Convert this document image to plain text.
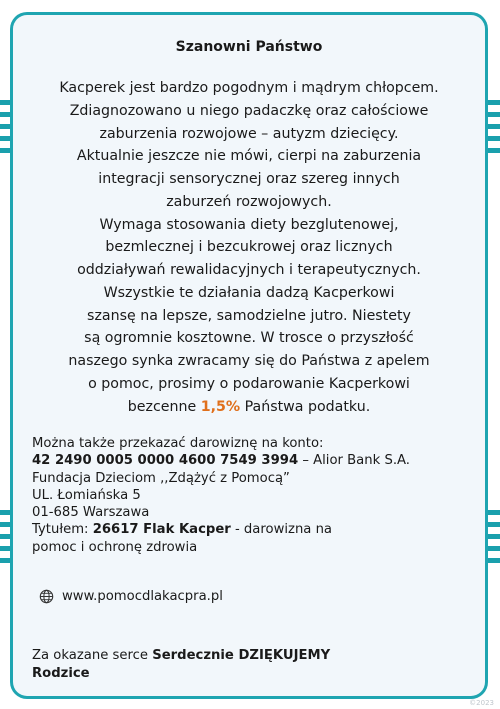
Szanowni Państwo

Kacperek jest bardzo pogodnym i mądrym chłopcem.

Zdiagnozowano u niego padaczkę oraz całościowe

zaburzenia rozwojowe – autyzm dziecięcy.

Aktualnie jeszcze nie mówi, cierpi na zaburzenia

integracji sensorycznej oraz szereg innych

zaburzeń rozwojowych.

Wymaga stosowania diety bezglutenowej,

bezmlecznej i bezcukrowej oraz licznych

oddziaływań rewalidacyjnych i terapeutycznych.

Wszystkie te działania dadzą Kacperkowi

szansę na lepsze, samodzielne jutro. Niestety

są ogromnie kosztowne. W trosce o przyszłość

naszego synka zwracamy się do Państwa z apelem

o pomoc, prosimy o podarowanie Kacperkowi

bezcenne 1,5% Państwa podatku.

Można także przekazać darowiznę na konto:

42 2490 0005 0000 4600 7549 3994 – Alior Bank S.A.

Fundacja Dzieciom ,,Zdążyć z Pomocą”

UL. Łomiańska 5

01-685 Warszawa

Tytułem: 26617 Flak Kacper - darowizna na

pomoc i ochronę zdrowia

www.pomocdlakacpra.pl

Za okazane serce Serdecznie DZIĘKUJEMY

Rodzice

©2023
